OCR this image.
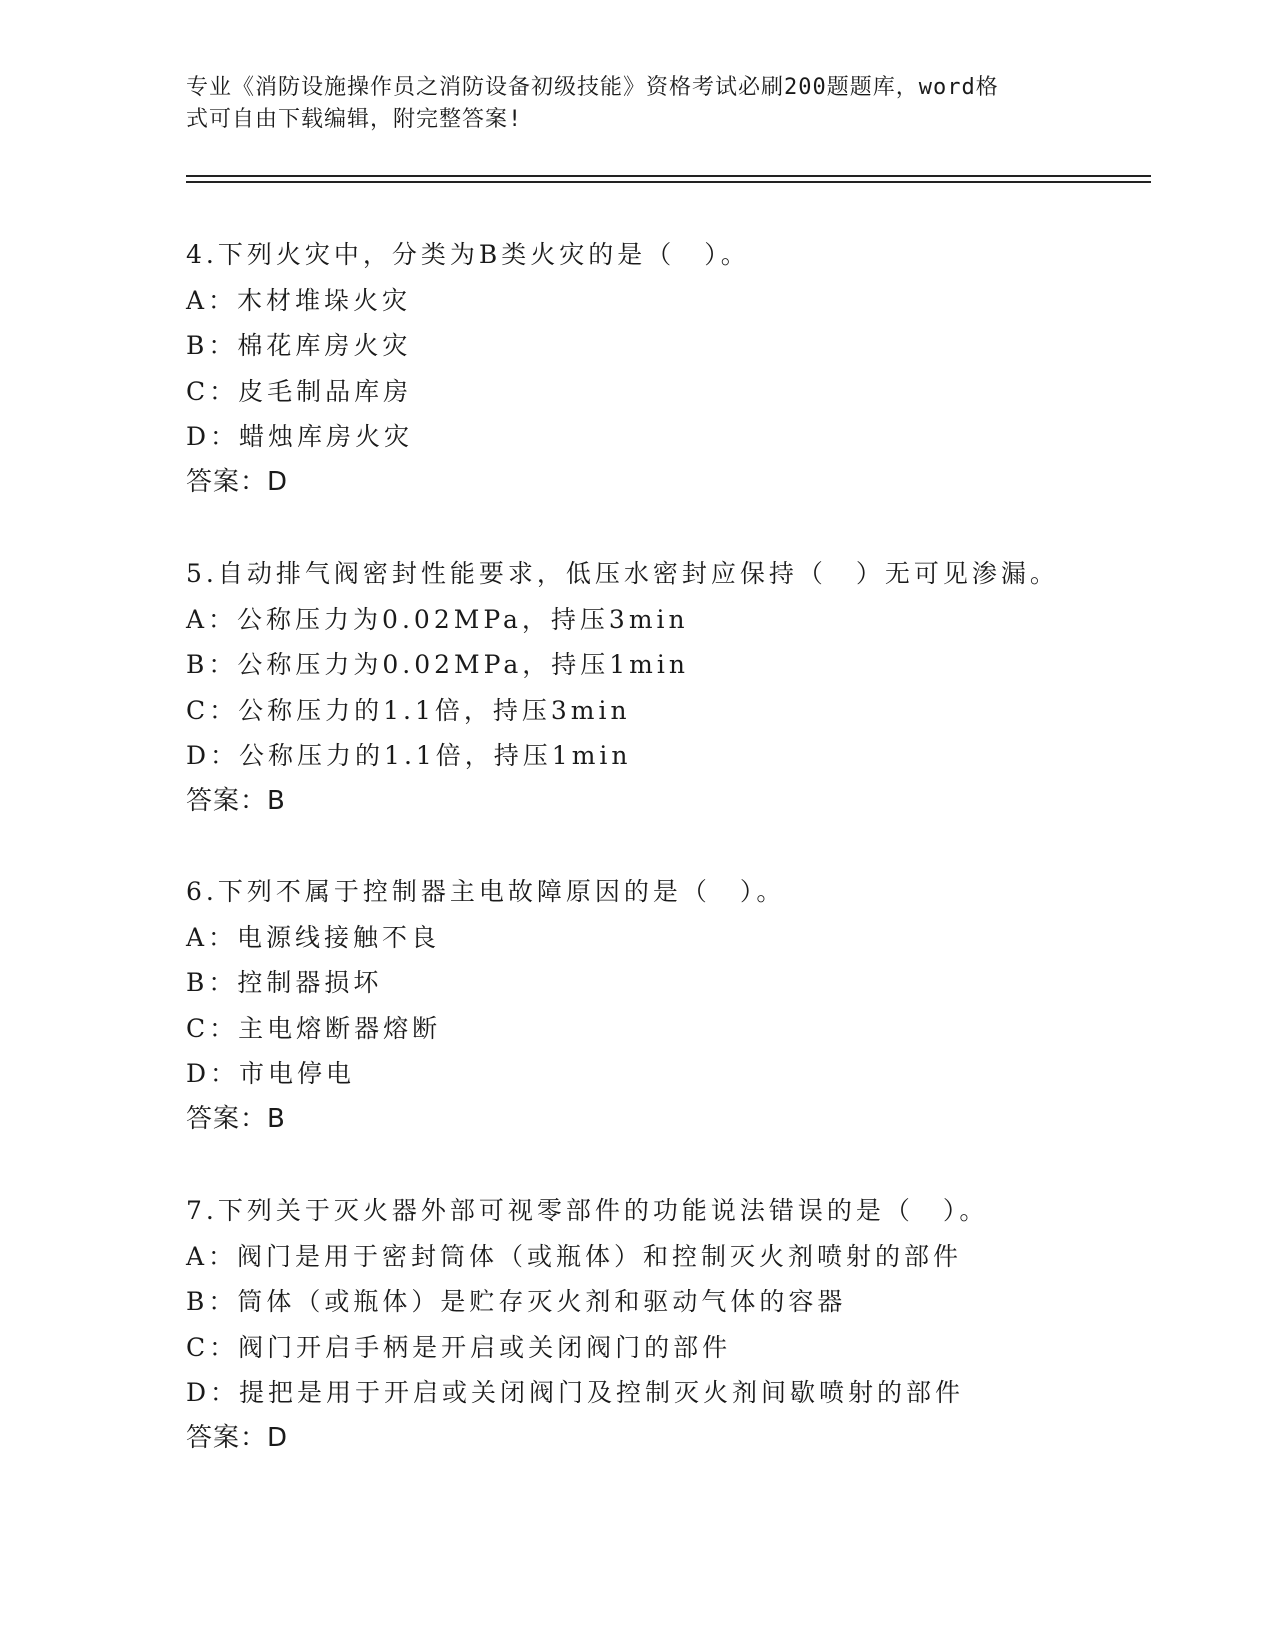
专业《消防设施操作员之消防设备初级技能》资格考试必刷200题题库，word格
式可自由下载编辑，附完整答案!
4.下列火灾中，分类为B类火灾的是（　）。
A：木材堆垛火灾
B：棉花库房火灾
C：皮毛制品库房
D：蜡烛库房火灾
答案：D
5.自动排气阀密封性能要求，低压水密封应保持（　）无可见渗漏。
A：公称压力为0.02MPa，持压3min
B：公称压力为0.02MPa，持压1min
C：公称压力的1.1倍，持压3min
D：公称压力的1.1倍，持压1min
答案：B
6.下列不属于控制器主电故障原因的是（　）。
A：电源线接触不良
B：控制器损坏
C：主电熔断器熔断
D：市电停电
答案：B
7.下列关于灭火器外部可视零部件的功能说法错误的是（　）。
A：阀门是用于密封筒体（或瓶体）和控制灭火剂喷射的部件
B：筒体（或瓶体）是贮存灭火剂和驱动气体的容器
C：阀门开启手柄是开启或关闭阀门的部件
D：提把是用于开启或关闭阀门及控制灭火剂间歇喷射的部件
答案：D
